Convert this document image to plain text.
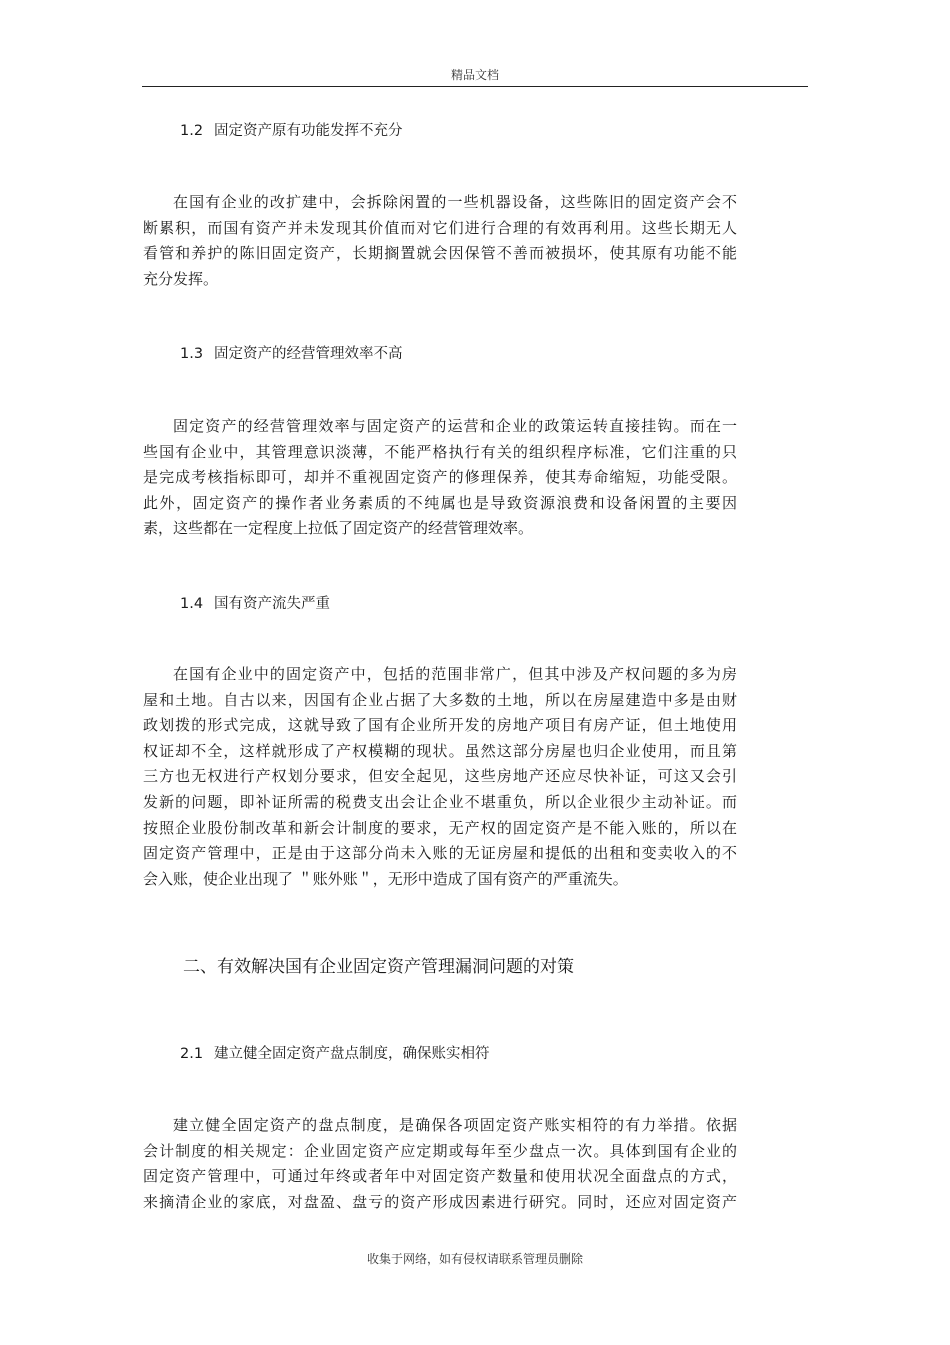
精品文档
1.2 固定资产原有功能发挥不充分
在国有企业的改扩建中，会拆除闲置的一些机器设备，这些陈旧的固定资产会不
断累积，而国有资产并未发现其价值而对它们进行合理的有效再利用。这些长期无人
看管和养护的陈旧固定资产，长期搁置就会因保管不善而被损坏，使其原有功能不能
充分发挥。
1.3 固定资产的经营管理效率不高
固定资产的经营管理效率与固定资产的运营和企业的政策运转直接挂钩。而在一
些国有企业中，其管理意识淡薄，不能严格执行有关的组织程序标准，它们注重的只
是完成考核指标即可，却并不重视固定资产的修理保养，使其寿命缩短，功能受限。
此外，固定资产的操作者业务素质的不纯属也是导致资源浪费和设备闲置的主要因
素，这些都在一定程度上拉低了固定资产的经营管理效率。
1.4 国有资产流失严重
在国有企业中的固定资产中，包括的范围非常广，但其中涉及产权问题的多为房
屋和土地。自古以来，因国有企业占据了大多数的土地，所以在房屋建造中多是由财
政划拨的形式完成，这就导致了国有企业所开发的房地产项目有房产证，但土地使用
权证却不全，这样就形成了产权模糊的现状。虽然这部分房屋也归企业使用，而且第
三方也无权进行产权划分要求，但安全起见，这些房地产还应尽快补证，可这又会引
发新的问题，即补证所需的税费支出会让企业不堪重负，所以企业很少主动补证。而
按照企业股份制改革和新会计制度的要求，无产权的固定资产是不能入账的，所以在
固定资产管理中，正是由于这部分尚未入账的无证房屋和提低的出租和变卖收入的不
会入账，使企业出现了 ＂账外账＂，无形中造成了国有资产的严重流失。
二、有效解决国有企业固定资产管理漏洞问题的对策
2.1 建立健全固定资产盘点制度，确保账实相符
建立健全固定资产的盘点制度，是确保各项固定资产账实相符的有力举措。依据
会计制度的相关规定：企业固定资产应定期或每年至少盘点一次。具体到国有企业的
固定资产管理中，可通过年终或者年中对固定资产数量和使用状况全面盘点的方式，
来摘清企业的家底，对盘盈、盘亏的资产形成因素进行研究。同时，还应对固定资产
收集于网络，如有侵权请联系管理员删除
